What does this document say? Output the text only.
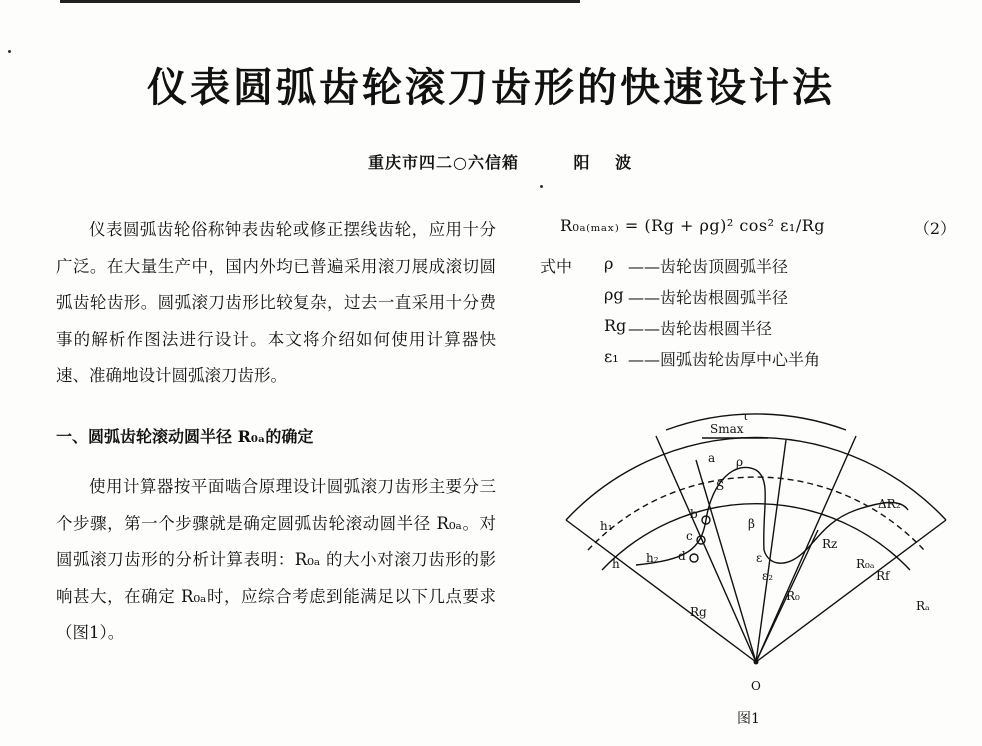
仪表圆弧齿轮滚刀齿形的快速设计法
重庆市四二○六信箱	阳 波

仪表圆弧齿轮俗称钟表齿轮或修正摆线齿轮，应用十分广泛。在大量生产中，国内外均已普遍采用滚刀展成滚切圆弧齿轮齿形。圆弧滚刀齿形比较复杂，过去一直采用十分费事的解析作图法进行设计。本文将介绍如何使用计算器快速、准确地设计圆弧滚刀齿形。

一、圆弧齿轮滚动圆半径 R₀ₐ的确定

使用计算器按平面啮合原理设计圆弧滚刀齿形主要分三个步骤，第一个步骤就是确定圆弧齿轮滚动圆半径 R₀ₐ。对圆弧滚刀齿形的分析计算表明：R₀ₐ 的大小对滚刀齿形的影响甚大，在确定 R₀ₐ时，应综合考虑到能满足以下几点要求（图1）。

R₀ₐ₍ₘₐₓ₎ = (Rg + ρg)² cos² ε₁/Rg	（2）
式中 ρ ——齿轮齿顶圆弧半径
ρg ——齿轮齿根圆弧半径
Rg ——齿轮齿根圆半径
ε₁ ——圆弧齿轮齿厚中心半角
τ
Smax
a ρ
S
h₁
h h₂
b
c
d
β
ε
ε₂
Rg
R₀
Rz
ΔR₂
R₀ₐ
Rf
Rₐ
O
图1
